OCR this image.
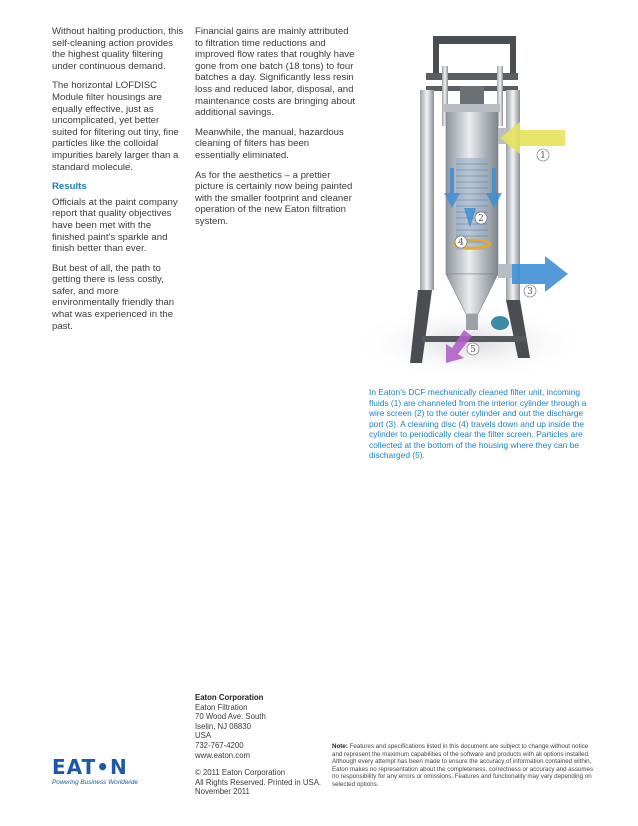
Without halting production, this self-cleaning action provides the highest quality filtering under continuous demand.

The horizontal LOFDISC Module filter housings are equally effective, just as uncomplicated, yet better suited for filtering out tiny, fine particles like the colloidal impurities barely larger than a standard molecule.

Results

Officials at the paint company report that quality objectives have been met with the finished paint's sparkle and finish better than ever.

But best of all, the path to getting there is less costly, safer, and more environmentally friendly than what was experienced in the past.

Financial gains are mainly attributed to filtration time reductions and improved flow rates that roughly have gone from one batch (18 tons) to four batches a day. Significantly less resin loss and reduced labor, disposal, and maintenance costs are bringing about additional savings.

Meanwhile, the manual, hazardous cleaning of filters has been essentially eliminated.

As for the aesthetics – a prettier picture is certainly now being painted with the smaller footprint and cleaner operation of the new Eaton filtration system.

1
2
3
4
5
In Eaton's DCF mechanically cleaned filter unit, incoming fluids (1) are channeled from the interior cylinder through a wire screen (2) to the outer cylinder and out the discharge port (3). A cleaning disc (4) travels down and up inside the cylinder to periodically clear the filter screen. Particles are collected at the bottom of the housing where they can be discharged (5).
Eaton Corporation
Eaton Filtration
70 Wood Ave. South
Iselin, NJ 08830
USA
732-767-4200
www.eaton.com
© 2011 Eaton Corporation
All Rights Reserved. Printed in USA.
November 2011
Note: Features and specifications listed in this document are subject to change without notice and represent the maximum capabilities of the software and products with all options installed. Although every attempt has been made to ensure the accuracy of information contained within, Eaton makes no representation about the completeness, correctness or accuracy and assumes no responsibility for any errors or omissions. Features and functionality may vary depending on selected options.
EAT•N
Powering Business Worldwide
